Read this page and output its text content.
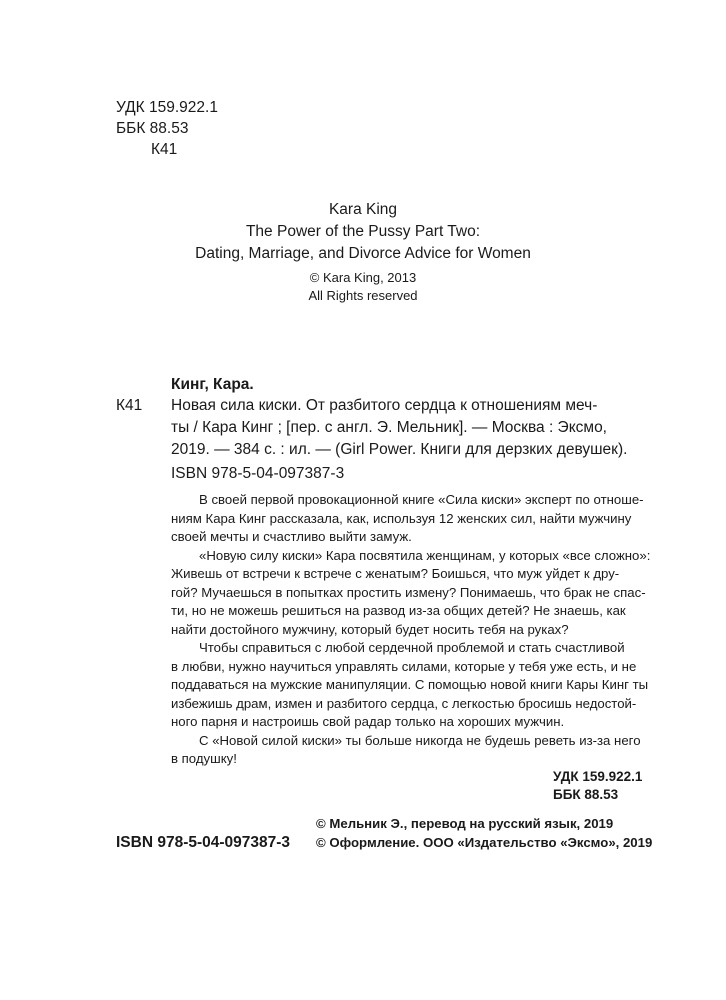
УДК 159.922.1
ББК 88.53
К41
Kara King
The Power of the Pussy Part Two:
Dating, Marriage, and Divorce Advice for Women
© Kara King, 2013
All Rights reserved
Кинг, Кара.
К41 Новая сила киски. От разбитого сердца к отношениям меч-
ты / Кара Кинг ; [пер. с англ. Э. Мельник]. — Москва : Эксмо,
2019. — 384 с. : ил. — (Girl Power. Книги для дерзких девушек).
ISBN 978-5-04-097387-3

В своей первой провокационной книге «Сила киски» эксперт по отноше-

ниям Кара Кинг рассказала, как, используя 12 женских сил, найти мужчину

своей мечты и счастливо выйти замуж.

«Новую силу киски» Кара посвятила женщинам, у которых «все сложно»:

Живешь от встречи к встрече с женатым? Боишься, что муж уйдет к дру-

гой? Мучаешься в попытках простить измену? Понимаешь, что брак не спас-

ти, но не можешь решиться на развод из-за общих детей? Не знаешь, как

найти достойного мужчину, который будет носить тебя на руках?

Чтобы справиться с любой сердечной проблемой и стать счастливой

в любви, нужно научиться управлять силами, которые у тебя уже есть, и не

поддаваться на мужские манипуляции. С помощью новой книги Кары Кинг ты

избежишь драм, измен и разбитого сердца, с легкостью бросишь недостой-

ного парня и настроишь свой радар только на хороших мужчин.

С «Новой силой киски» ты больше никогда не будешь реветь из-за него

в подушку!

УДК 159.922.1
ББК 88.53
© Мельник Э., перевод на русский язык, 2019
ISBN 978-5-04-097387-3 © Оформление. ООО «Издательство «Эксмо», 2019
